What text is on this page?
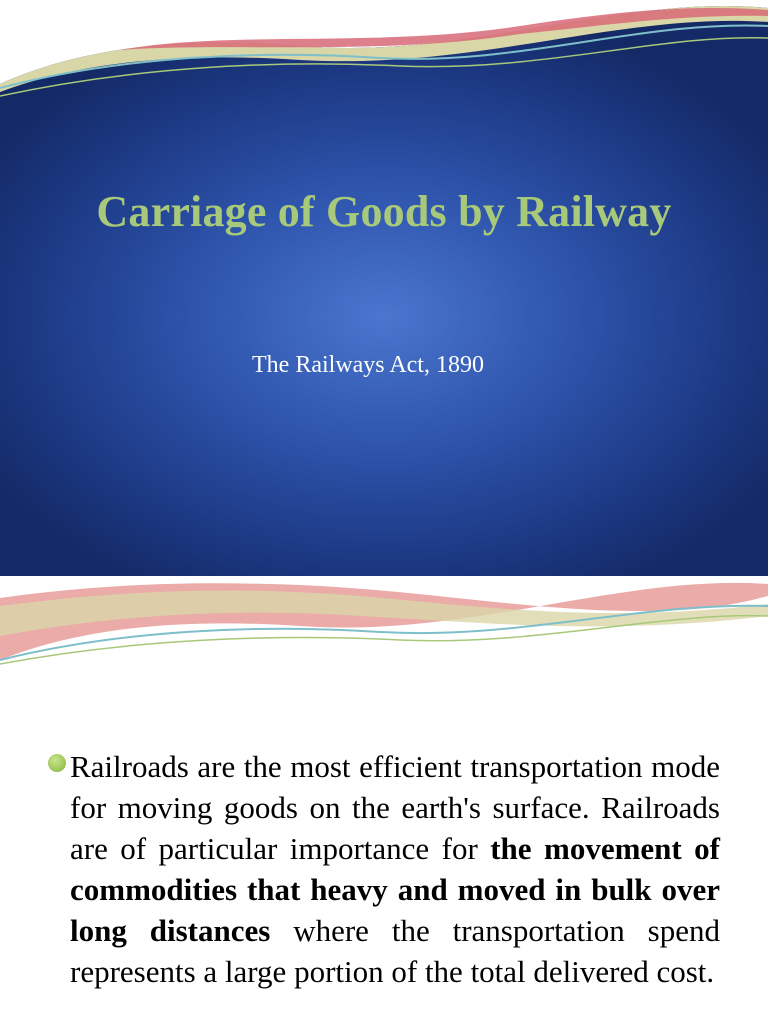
Carriage of Goods by Railway
The Railways Act, 1890
Railroads are the most efficient transportation mode for moving goods on the earth's surface. Railroads are of particular importance for the movement of commodities that heavy and moved in bulk over long distances where the transportation spend represents a large portion of the total delivered cost.
